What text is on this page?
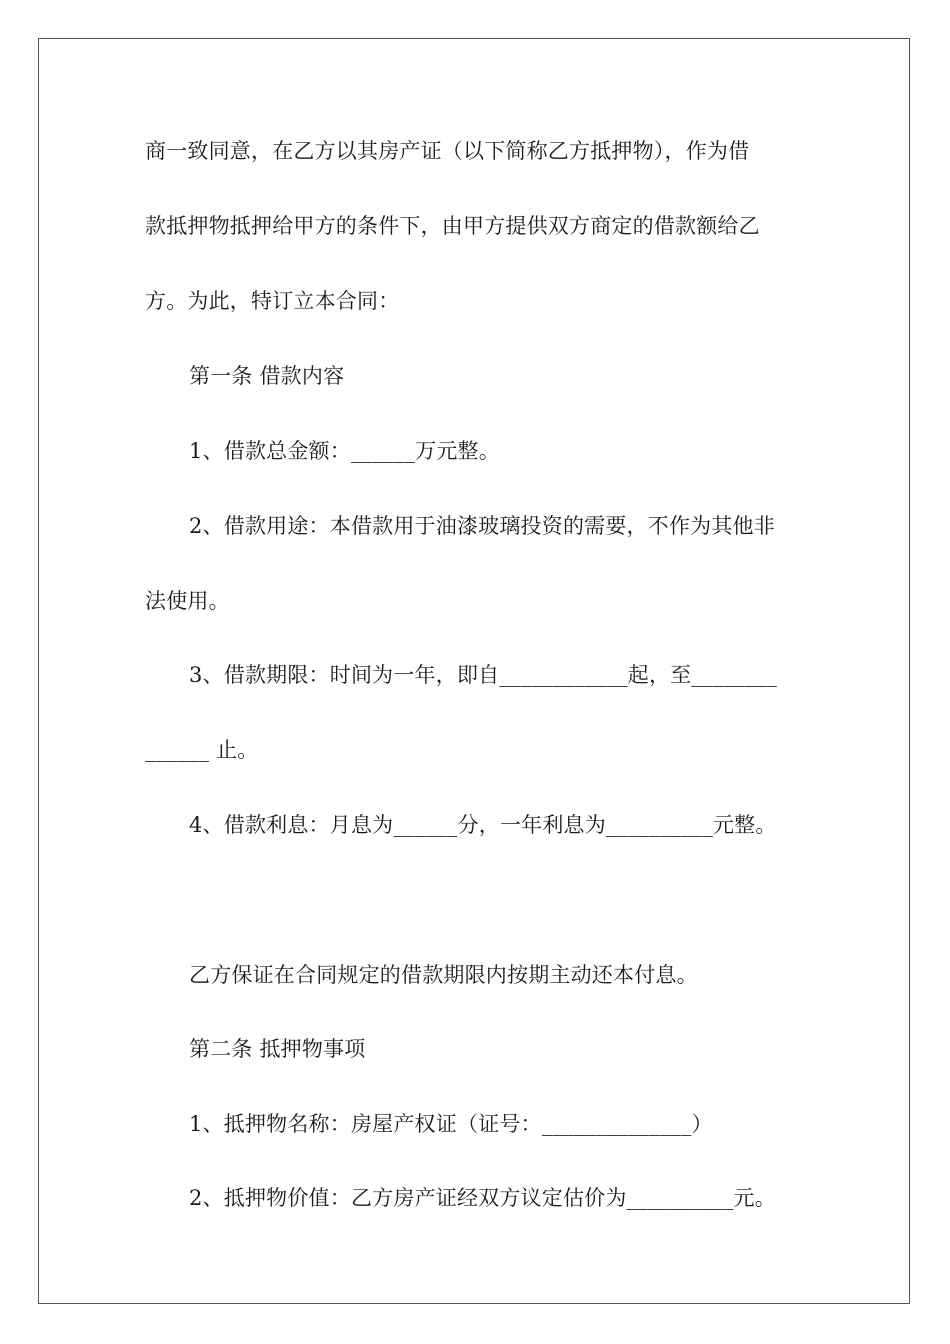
商一致同意，在乙方以其房产证（以下简称乙方抵押物），作为借
款抵押物抵押给甲方的条件下，由甲方提供双方商定的借款额给乙
方。为此，特订立本合同：
第一条 借款内容
1、借款总金额：______万元整。
2、借款用途：本借款用于油漆玻璃投资的需要，不作为其他非
法使用。
3、借款期限：时间为一年，即自____________起，至________
______ 止。
4、借款利息：月息为______分，一年利息为__________元整。
乙方保证在合同规定的借款期限内按期主动还本付息。
第二条 抵押物事项
1、抵押物名称：房屋产权证（证号：______________）
2、抵押物价值：乙方房产证经双方议定估价为__________元。
